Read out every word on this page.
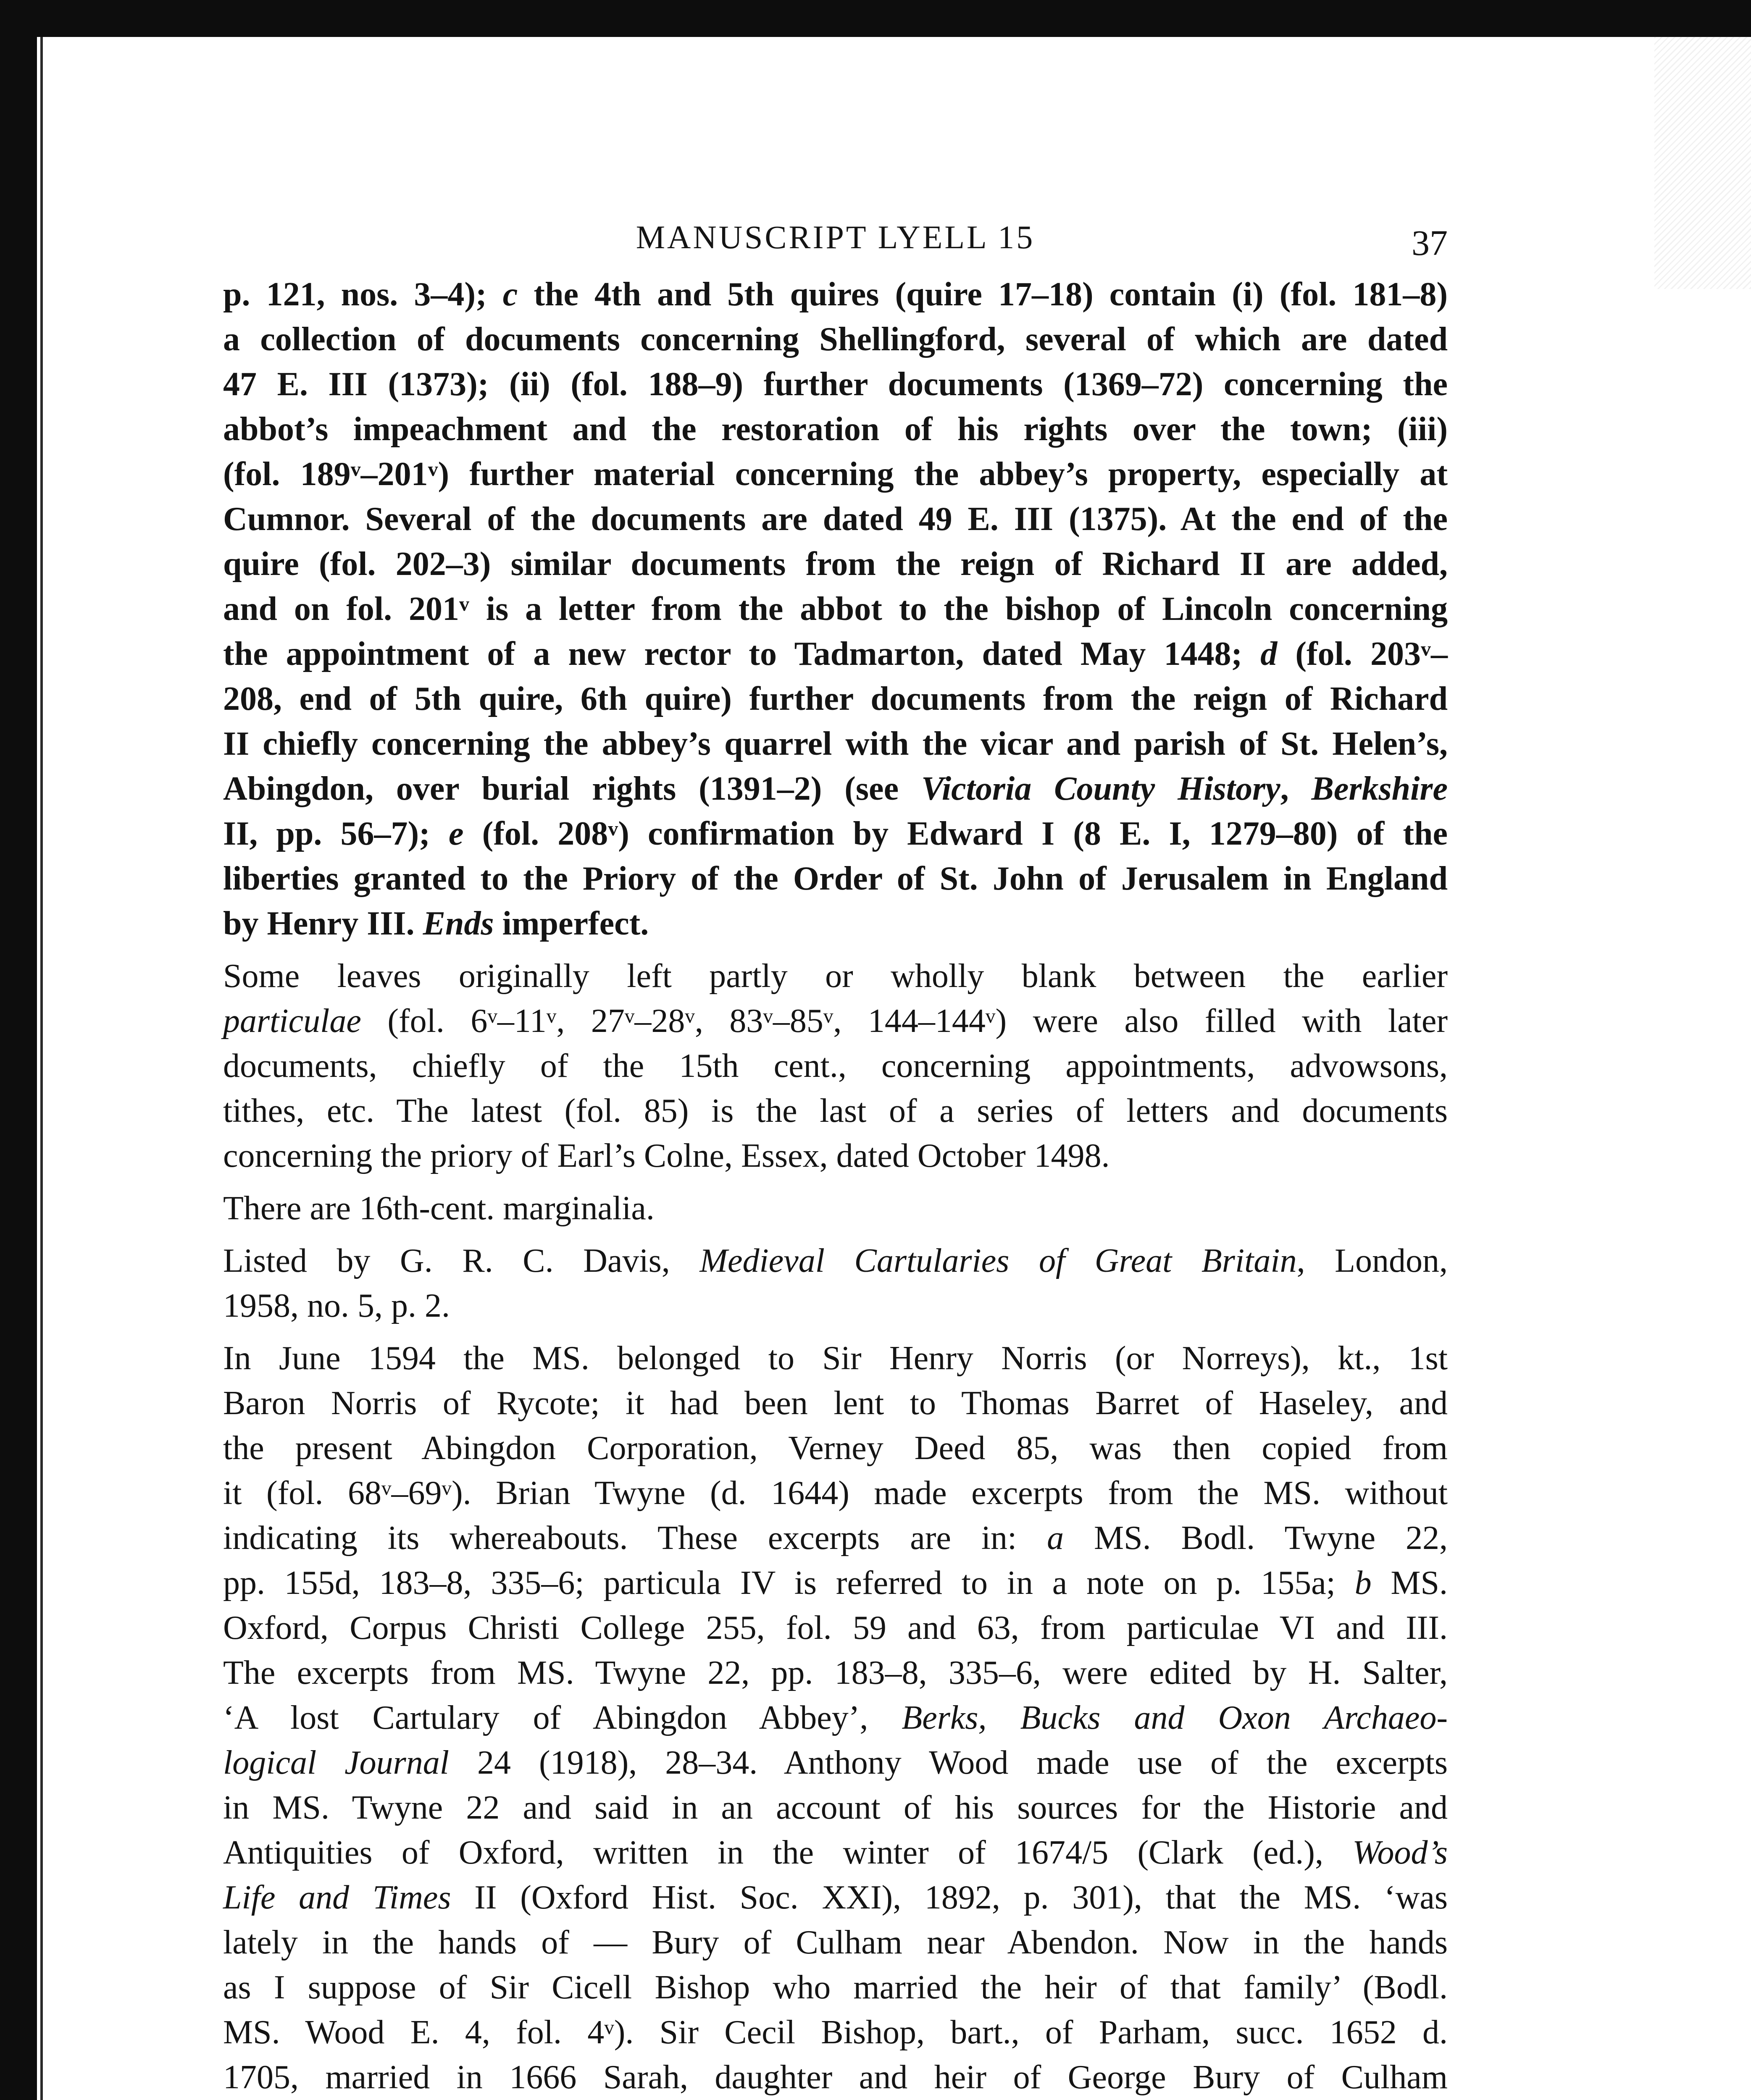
MANUSCRIPT LYELL 15	37
p. 121, nos. 3–4); c the 4th and 5th quires (quire 17–18) contain (i) (fol. 181–8)
a collection of documents concerning Shellingford, several of which are dated
47 E. III (1373); (ii) (fol. 188–9) further documents (1369–72) concerning the
abbot’s impeachment and the restoration of his rights over the town; (iii)
(fol. 189ᵛ–201ᵛ) further material concerning the abbey’s property, especially at
Cumnor. Several of the documents are dated 49 E. III (1375). At the end of the
quire (fol. 202–3) similar documents from the reign of Richard II are added,
and on fol. 201ᵛ is a letter from the abbot to the bishop of Lincoln concerning
the appointment of a new rector to Tadmarton, dated May 1448; d (fol. 203ᵛ–
208, end of 5th quire, 6th quire) further documents from the reign of Richard
II chiefly concerning the abbey’s quarrel with the vicar and parish of St. Helen’s,
Abingdon, over burial rights (1391–2) (see Victoria County History, Berkshire
II, pp. 56–7); e (fol. 208ᵛ) confirmation by Edward I (8 E. I, 1279–80) of the
liberties granted to the Priory of the Order of St. John of Jerusalem in England
by Henry III. Ends imperfect.
Some leaves originally left partly or wholly blank between the earlier
particulae (fol. 6ᵛ–11ᵛ, 27ᵛ–28ᵛ, 83ᵛ–85ᵛ, 144–144ᵛ) were also filled with later
documents, chiefly of the 15th cent., concerning appointments, advowsons,
tithes, etc. The latest (fol. 85) is the last of a series of letters and documents
concerning the priory of Earl’s Colne, Essex, dated October 1498.
There are 16th-cent. marginalia.
Listed by G. R. C. Davis, Medieval Cartularies of Great Britain, London,
1958, no. 5, p. 2.
In June 1594 the MS. belonged to Sir Henry Norris (or Norreys), kt., 1st
Baron Norris of Rycote; it had been lent to Thomas Barret of Haseley, and
the present Abingdon Corporation, Verney Deed 85, was then copied from
it (fol. 68ᵛ–69ᵛ). Brian Twyne (d. 1644) made excerpts from the MS. without
indicating its whereabouts. These excerpts are in: a MS. Bodl. Twyne 22,
pp. 155d, 183–8, 335–6; particula IV is referred to in a note on p. 155a; b MS.
Oxford, Corpus Christi College 255, fol. 59 and 63, from particulae VI and III.
The excerpts from MS. Twyne 22, pp. 183–8, 335–6, were edited by H. Salter,
‘A lost Cartulary of Abingdon Abbey’, Berks, Bucks and Oxon Archaeo-
logical Journal 24 (1918), 28–34. Anthony Wood made use of the excerpts
in MS. Twyne 22 and said in an account of his sources for the Historie and
Antiquities of Oxford, written in the winter of 1674/5 (Clark (ed.), Wood’s
Life and Times II (Oxford Hist. Soc. XXI), 1892, p. 301), that the MS. ‘was
lately in the hands of — Bury of Culham near Abendon. Now in the hands
as I suppose of Sir Cicell Bishop who married the heir of that family’ (Bodl.
MS. Wood E. 4, fol. 4ᵛ). Sir Cecil Bishop, bart., of Parham, succ. 1652 d.
1705, married in 1666 Sarah, daughter and heir of George Bury of Culham
